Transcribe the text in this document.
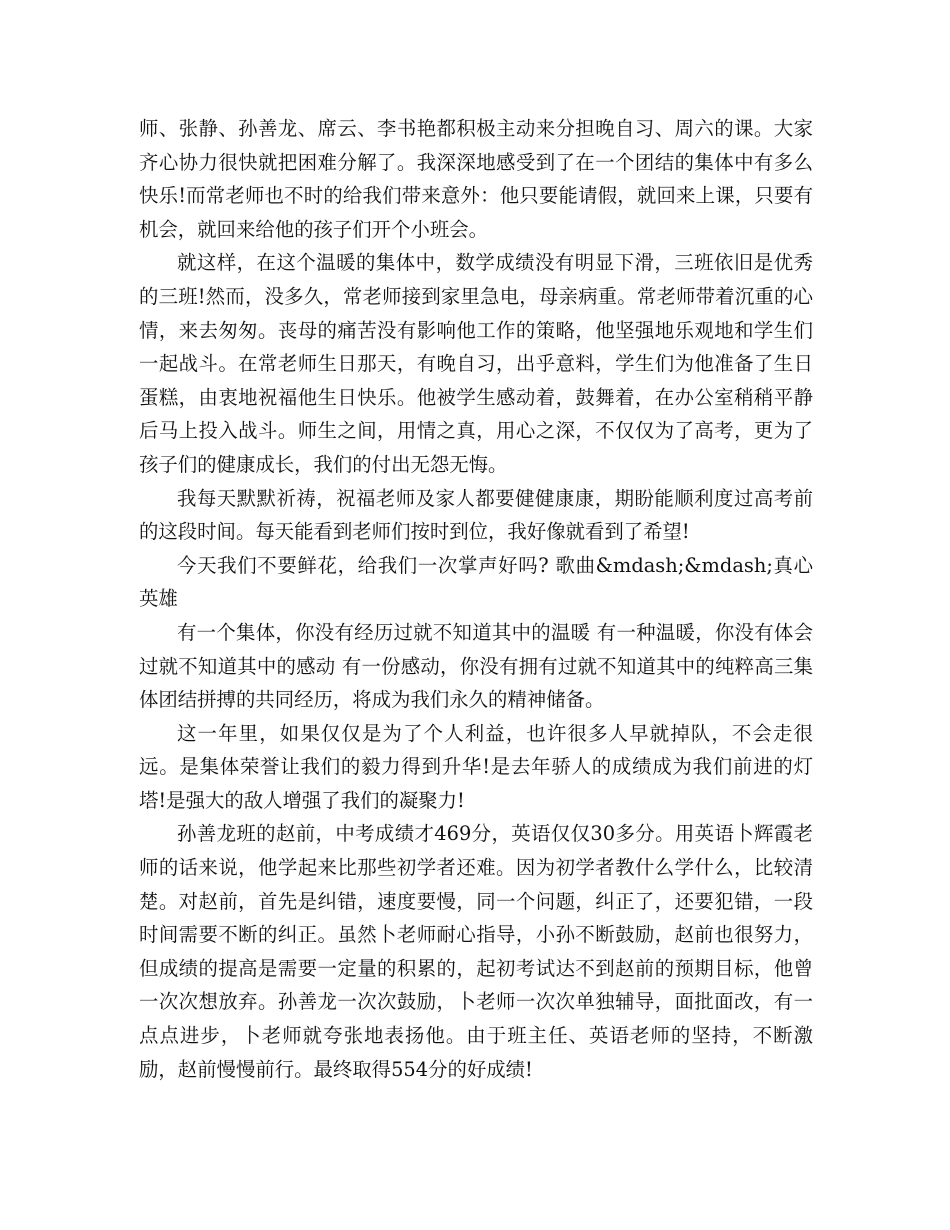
师、张静、孙善龙、席云、李书艳都积极主动来分担晚自习、周六的课。大家齐心协力很快就把困难分解了。我深深地感受到了在一个团结的集体中有多么快乐!而常老师也不时的给我们带来意外：他只要能请假，就回来上课，只要有机会，就回来给他的孩子们开个小班会。

就这样，在这个温暖的集体中，数学成绩没有明显下滑，三班依旧是优秀的三班!然而，没多久，常老师接到家里急电，母亲病重。常老师带着沉重的心情，来去匆匆。丧母的痛苦没有影响他工作的策略，他坚强地乐观地和学生们一起战斗。在常老师生日那天，有晚自习，出乎意料，学生们为他准备了生日蛋糕，由衷地祝福他生日快乐。他被学生感动着，鼓舞着，在办公室稍稍平静后马上投入战斗。师生之间，用情之真，用心之深，不仅仅为了高考，更为了孩子们的健康成长，我们的付出无怨无悔。

我每天默默祈祷，祝福老师及家人都要健健康康，期盼能顺利度过高考前的这段时间。每天能看到老师们按时到位，我好像就看到了希望!

今天我们不要鲜花，给我们一次掌声好吗? 歌曲&mdash;&mdash;真心英雄

有一个集体，你没有经历过就不知道其中的温暖 有一种温暖，你没有体会过就不知道其中的感动 有一份感动，你没有拥有过就不知道其中的纯粹高三集体团结拼搏的共同经历，将成为我们永久的精神储备。

这一年里，如果仅仅是为了个人利益，也许很多人早就掉队，不会走很远。是集体荣誉让我们的毅力得到升华!是去年骄人的成绩成为我们前进的灯塔!是强大的敌人增强了我们的凝聚力!

孙善龙班的赵前，中考成绩才469分，英语仅仅30多分。用英语卜辉霞老师的话来说，他学起来比那些初学者还难。因为初学者教什么学什么，比较清楚。对赵前，首先是纠错，速度要慢，同一个问题，纠正了，还要犯错，一段时间需要不断的纠正。虽然卜老师耐心指导，小孙不断鼓励，赵前也很努力，但成绩的提高是需要一定量的积累的，起初考试达不到赵前的预期目标，他曾一次次想放弃。孙善龙一次次鼓励，卜老师一次次单独辅导，面批面改，有一点点进步，卜老师就夸张地表扬他。由于班主任、英语老师的坚持，不断激励，赵前慢慢前行。最终取得554分的好成绩!
